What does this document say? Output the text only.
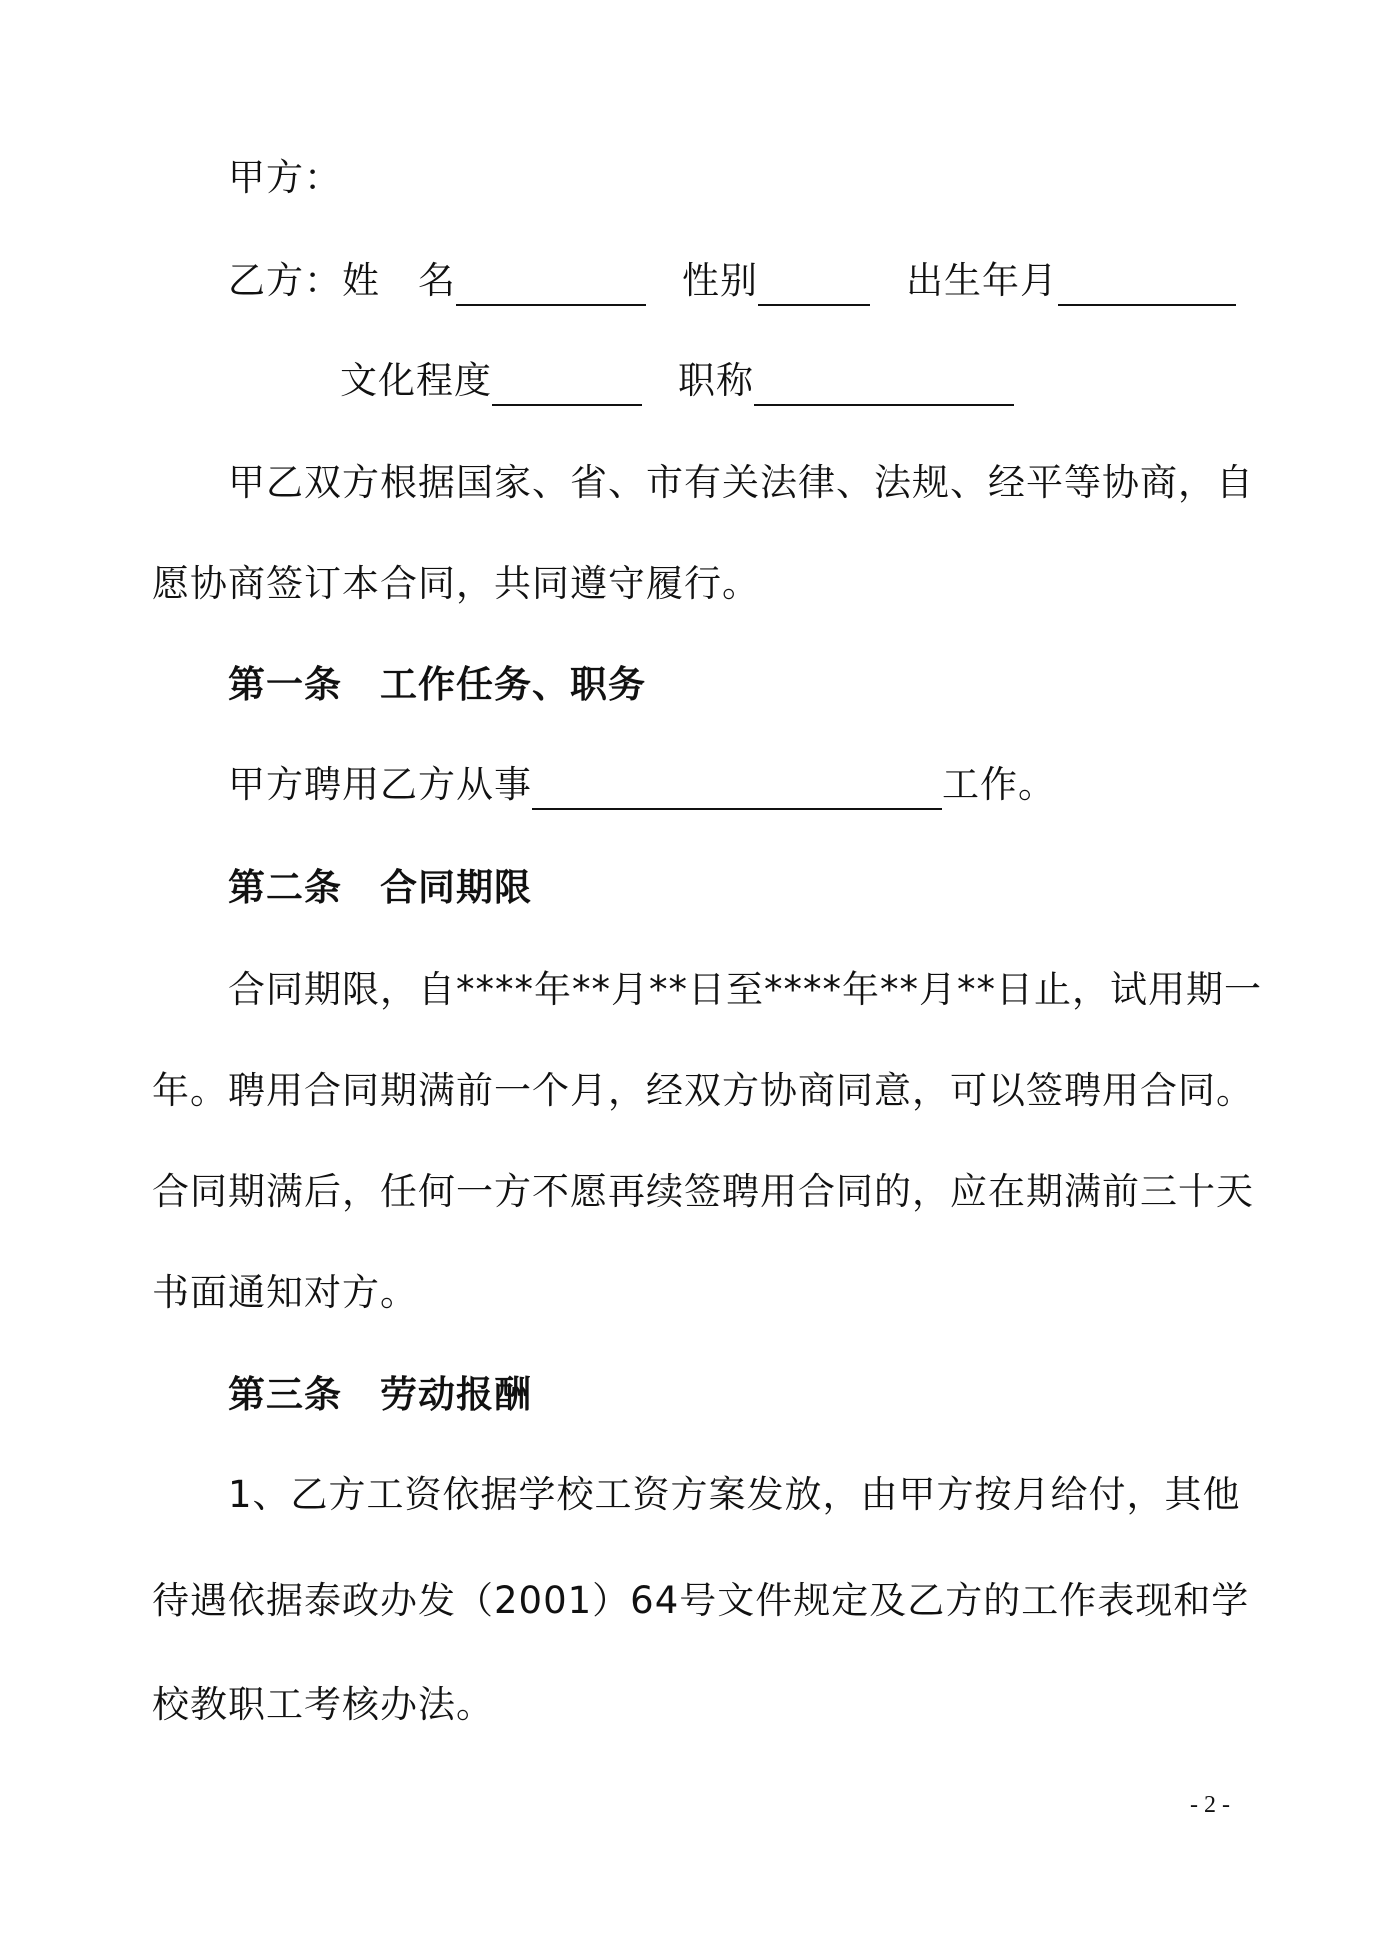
甲方：
乙方：姓　名	性别	出生年月
文化程度	职称
甲乙双方根据国家、省、市有关法律、法规、经平等协商，自
愿协商签订本合同，共同遵守履行。
第一条　工作任务、职务
甲方聘用乙方从事	工作。
第二条　合同期限
合同期限，自****年**月**日至****年**月**日止，试用期一
年。聘用合同期满前一个月，经双方协商同意，可以签聘用合同。
合同期满后，任何一方不愿再续签聘用合同的，应在期满前三十天
书面通知对方。
第三条　劳动报酬
1、乙方工资依据学校工资方案发放，由甲方按月给付，其他
待遇依据泰政办发（2001）64号文件规定及乙方的工作表现和学
校教职工考核办法。
- 2 -
